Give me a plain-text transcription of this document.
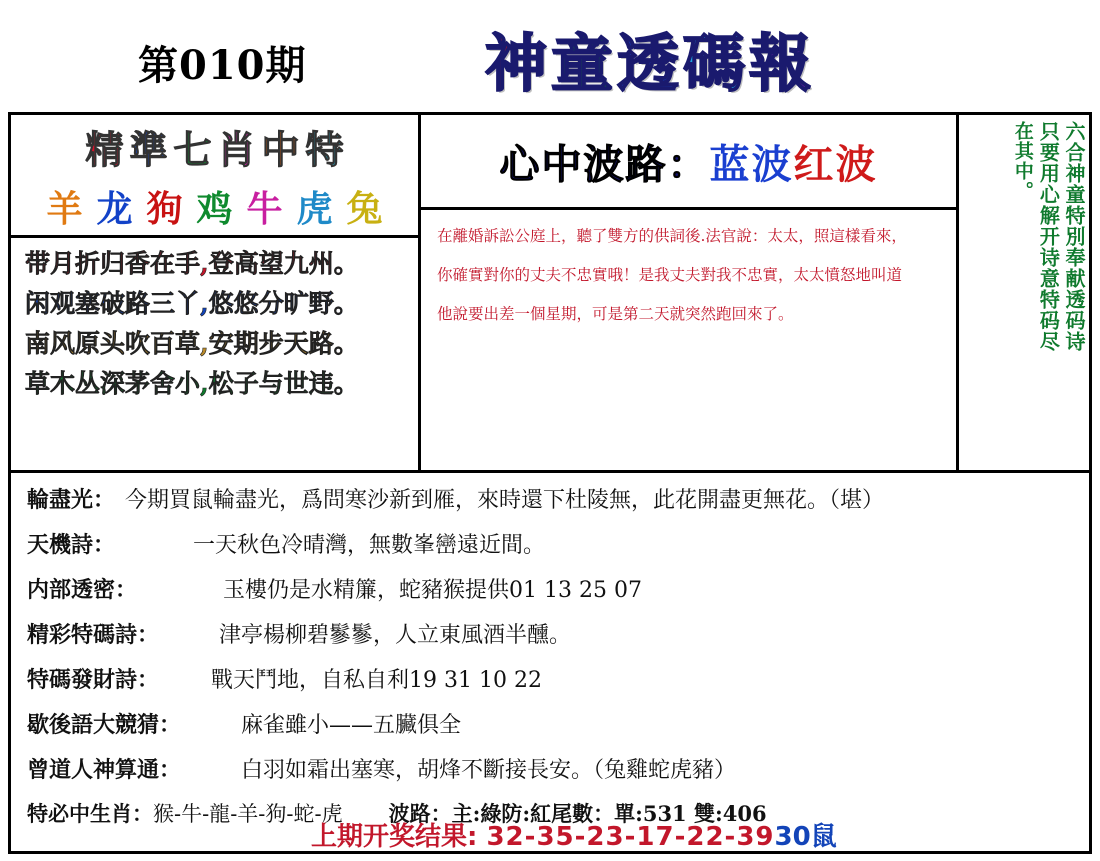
第010期	神 童 透 碼 報
精 準 七 肖 中 特
羊 龙 狗 鸡 牛 虎 兔
带月折归香在手,登高望九州。
闲观塞破路三丫,悠悠分旷野。
南风原头吹百草,安期步天路。
草木丛深茅舍小,松子与世违。
心中波路：蓝波红波

在離婚訴訟公庭上，聽了雙方的供詞後.法官說：太太，照這樣看來，

你確實對你的丈夫不忠實哦！是我丈夫對我不忠實，太太憤怒地叫道

他說要出差一個星期，可是第二天就突然跑回來了。	六合神童特別奉献透码诗
只要用心解开诗意特码尽
在其中。
輪盡光： 今期買鼠輪盡光，爲問寒沙新到雁，來時還下杜陵無，此花開盡更無花。（堪）
天機詩：	一天秋色冷晴灣，無數峯巒遠近間。
内部透密：	玉樓仍是水精簾，蛇豬猴提供01 13 25 07
精彩特碼詩：	津亭楊柳碧鬖鬖，人立東風酒半醺。
特碼發財詩： 戰天鬥地，自私自利19 31 10 22
歇後語大競猜：	麻雀雖小——五臟俱全
曾道人神算通：	白羽如霜出塞寒，胡烽不斷接長安。（兔雞蛇虎豬）
特必中生肖： 猴-牛-龍-羊-狗-蛇-虎 波路：主:綠防:紅尾數：單:531 雙:406
上期开奖结果: 32-35-23-17-22-3930鼠
